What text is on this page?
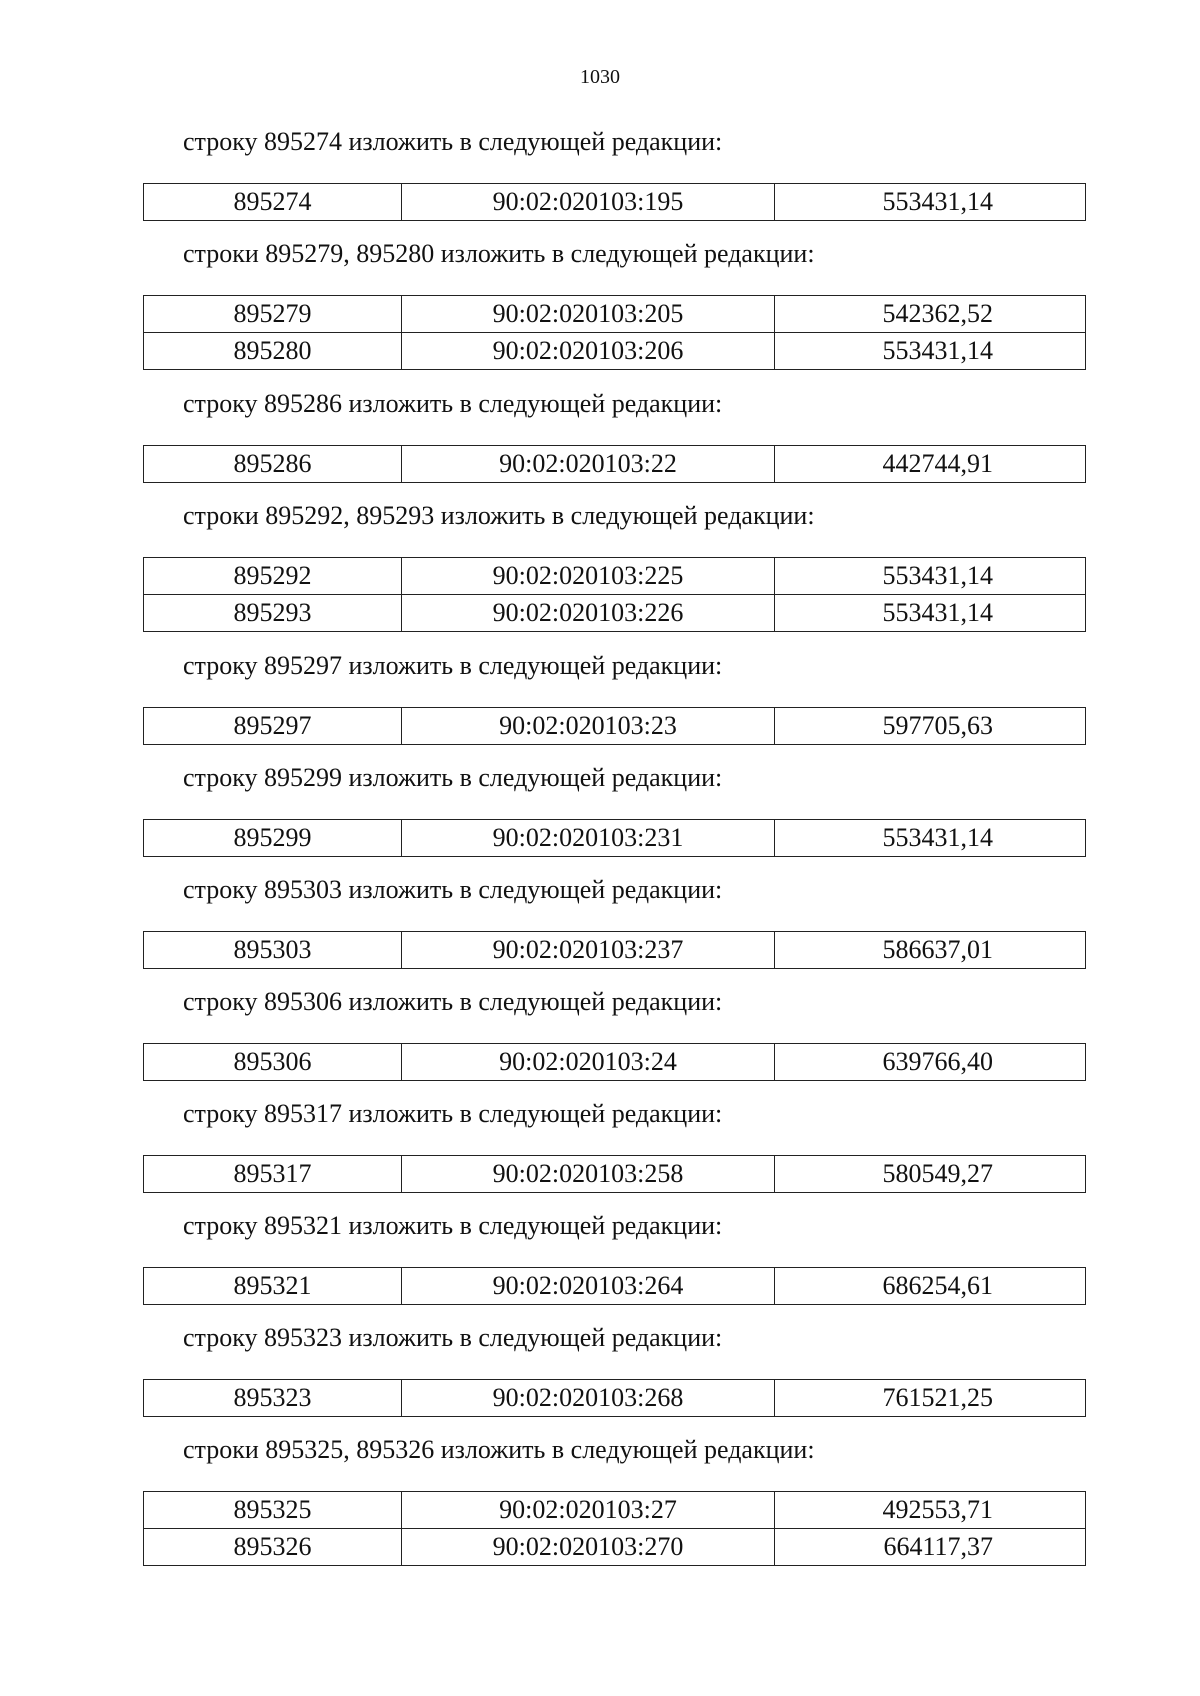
1030
строку 895274 изложить в следующей редакции:
895274	90:02:020103:195	553431,14
строки 895279, 895280 изложить в следующей редакции:
895279	90:02:020103:205	542362,52
895280	90:02:020103:206	553431,14
строку 895286 изложить в следующей редакции:
895286	90:02:020103:22	442744,91
строки 895292, 895293 изложить в следующей редакции:
895292	90:02:020103:225	553431,14
895293	90:02:020103:226	553431,14
строку 895297 изложить в следующей редакции:
895297	90:02:020103:23	597705,63
строку 895299 изложить в следующей редакции:
895299	90:02:020103:231	553431,14
строку 895303 изложить в следующей редакции:
895303	90:02:020103:237	586637,01
строку 895306 изложить в следующей редакции:
895306	90:02:020103:24	639766,40
строку 895317 изложить в следующей редакции:
895317	90:02:020103:258	580549,27
строку 895321 изложить в следующей редакции:
895321	90:02:020103:264	686254,61
строку 895323 изложить в следующей редакции:
895323	90:02:020103:268	761521,25
строки 895325, 895326 изложить в следующей редакции:
895325	90:02:020103:27	492553,71
895326	90:02:020103:270	664117,37
